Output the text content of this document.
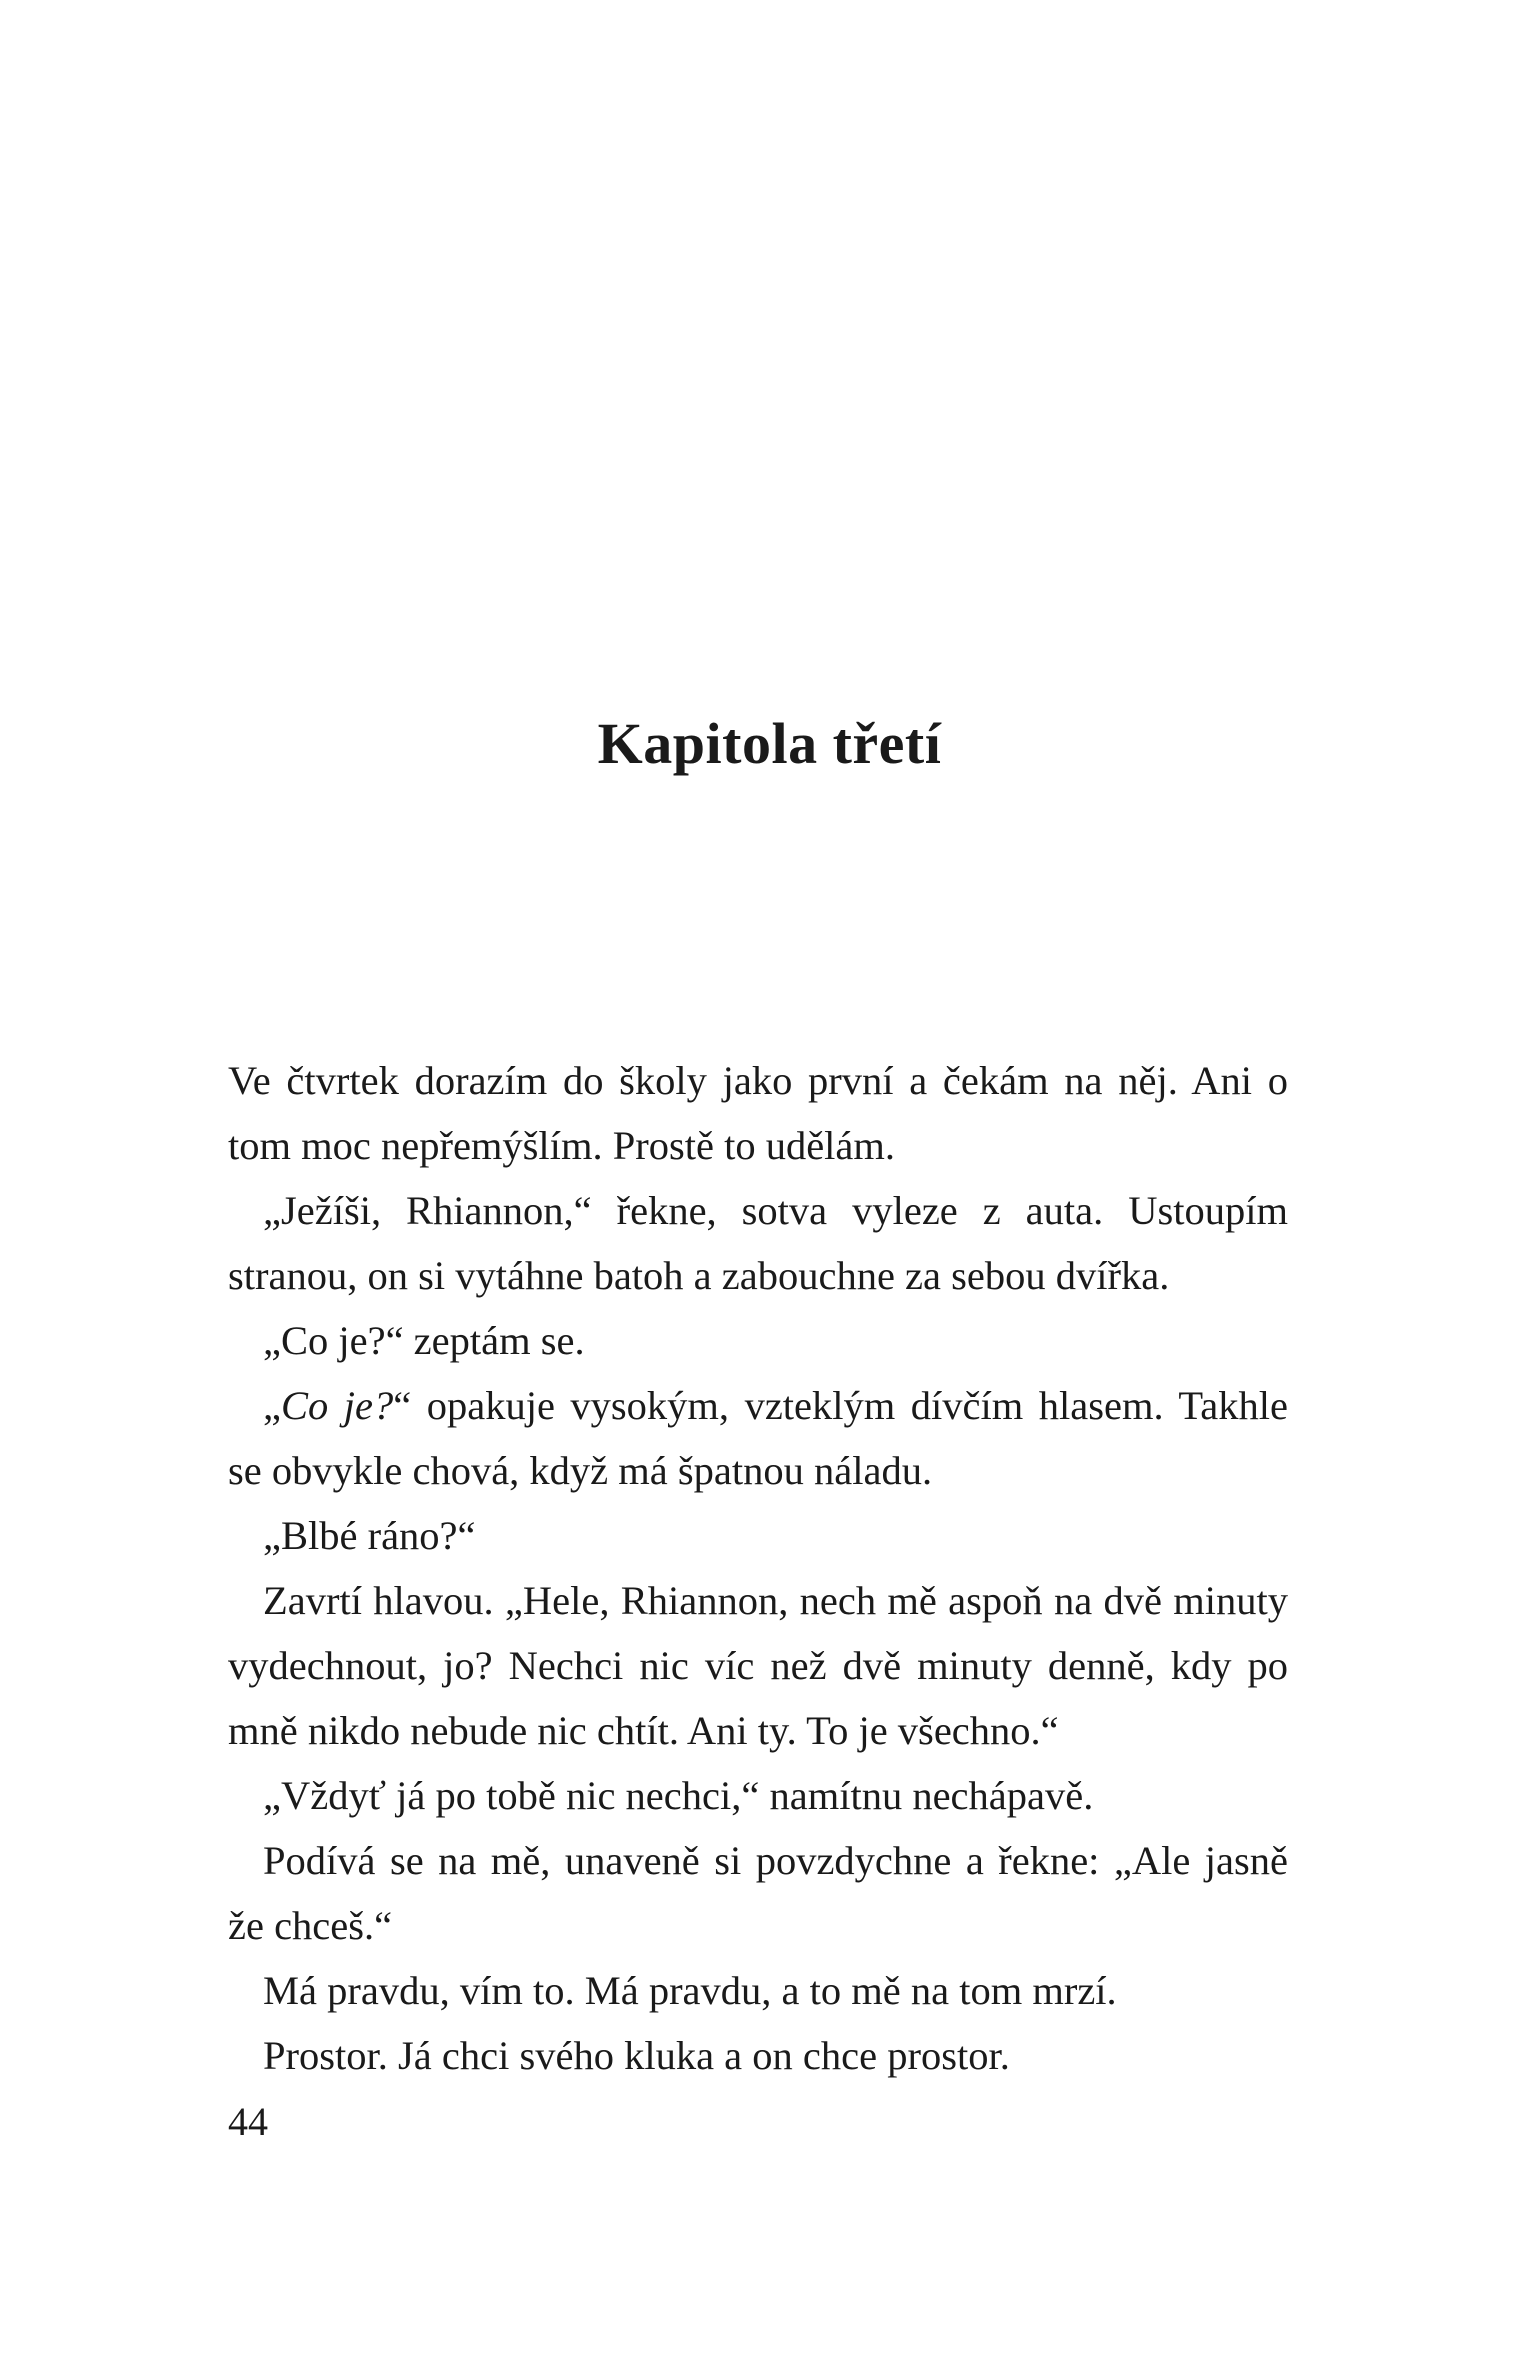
Kapitola třetí

Ve čtvrtek dorazím do školy jako první a čekám na něj. Ani o tom moc nepřemýšlím. Prostě to udělám.

„Ježíši, Rhiannon,“ řekne, sotva vyleze z auta. Ustoupím stranou, on si vytáhne batoh a zabouchne za sebou dvířka.

„Co je?“ zeptám se.

„Co je?“ opakuje vysokým, vzteklým dívčím hlasem. Takhle se obvykle chová, když má špatnou náladu.

„Blbé ráno?“

Zavrtí hlavou. „Hele, Rhiannon, nech mě aspoň na dvě minuty vydechnout, jo? Nechci nic víc než dvě minuty denně, kdy po mně nikdo nebude nic chtít. Ani ty. To je všechno.“

„Vždyť já po tobě nic nechci,“ namítnu nechápavě.

Podívá se na mě, unaveně si povzdychne a řekne: „Ale jasně že chceš.“

Má pravdu, vím to. Má pravdu, a to mě na tom mrzí.

Prostor. Já chci svého kluka a on chce prostor.

44
